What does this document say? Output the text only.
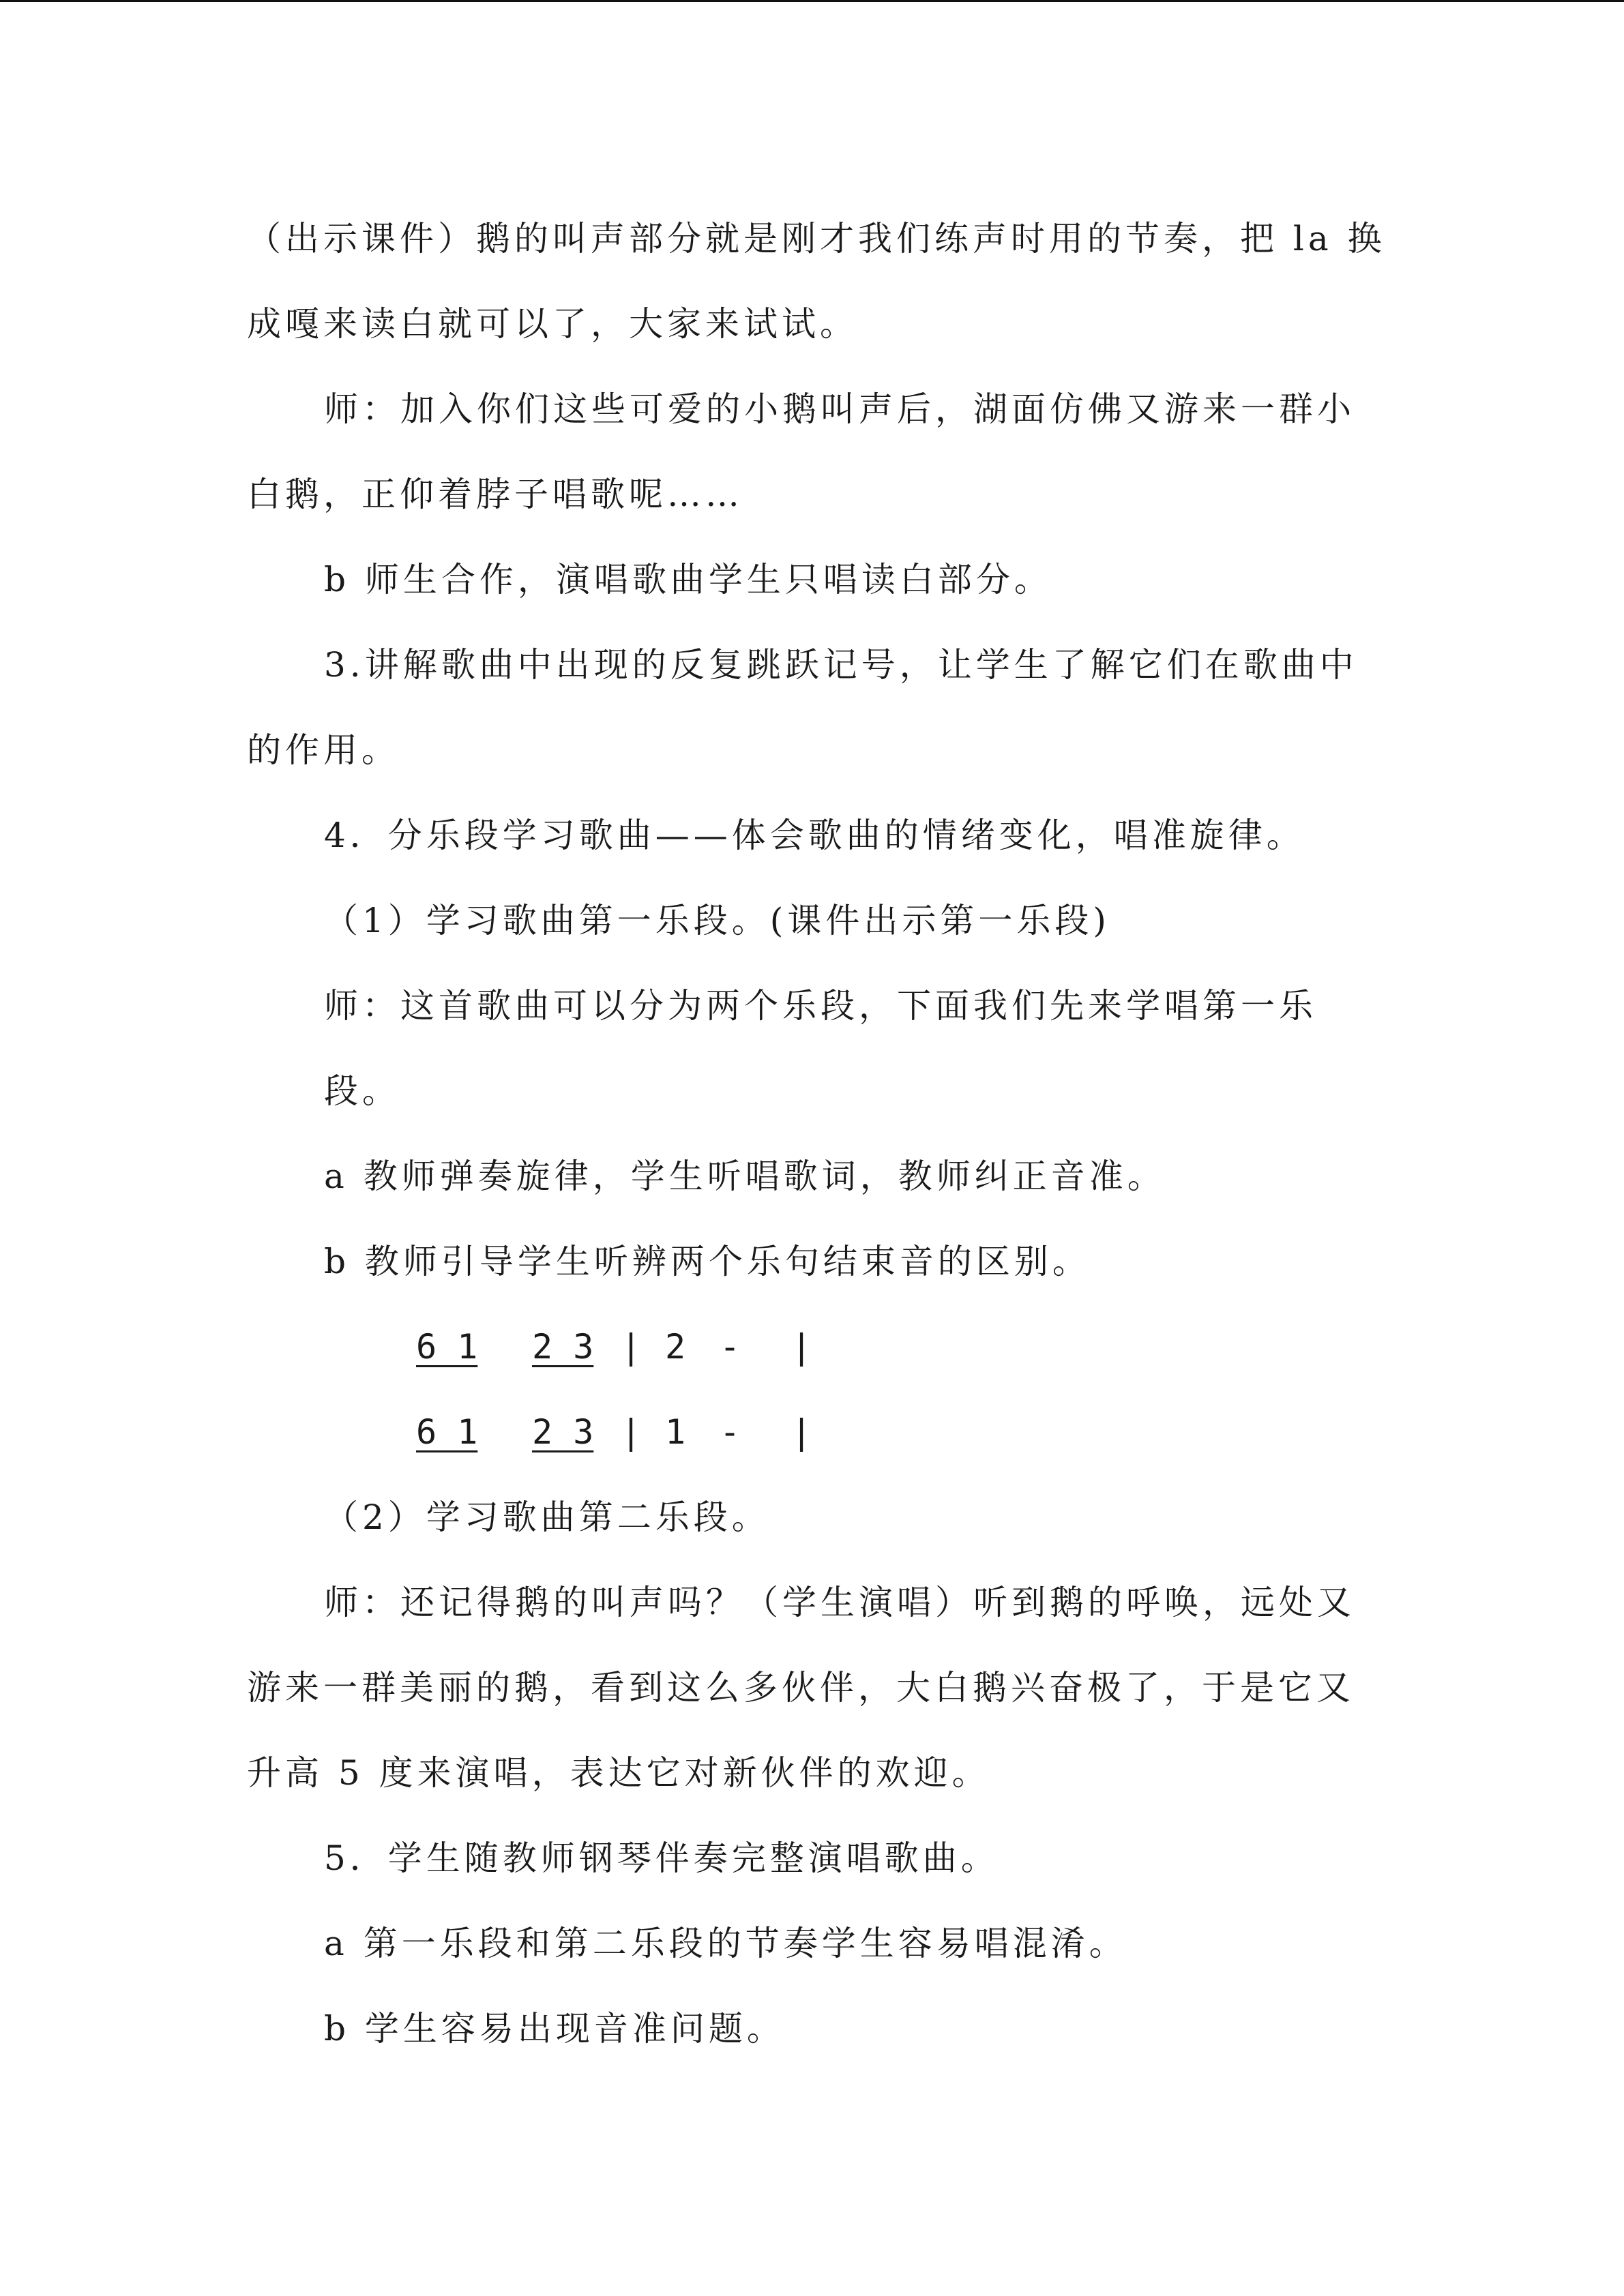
（出示课件）鹅的叫声部分就是刚才我们练声时用的节奏，把 la 换

成嘎来读白就可以了，大家来试试。

师：加入你们这些可爱的小鹅叫声后，湖面仿佛又游来一群小

白鹅，正仰着脖子唱歌呢……

b 师生合作，演唱歌曲学生只唱读白部分。

3.讲解歌曲中出现的反复跳跃记号，让学生了解它们在歌曲中

的作用。

4．分乐段学习歌曲——体会歌曲的情绪变化，唱准旋律。

（1）学习歌曲第一乐段。(课件出示第一乐段)

师：这首歌曲可以分为两个乐段，下面我们先来学唱第一乐

段。

a 教师弹奏旋律，学生听唱歌词，教师纠正音准。

b 教师引导学生听辨两个乐句结束音的区别。

6 1 2 3 | 2 - |
6 1 2 3 | 1 - |

（2）学习歌曲第二乐段。

师：还记得鹅的叫声吗？（学生演唱）听到鹅的呼唤，远处又

游来一群美丽的鹅，看到这么多伙伴，大白鹅兴奋极了，于是它又

升高 5 度来演唱，表达它对新伙伴的欢迎。

5．学生随教师钢琴伴奏完整演唱歌曲。

a 第一乐段和第二乐段的节奏学生容易唱混淆。

b 学生容易出现音准问题。
